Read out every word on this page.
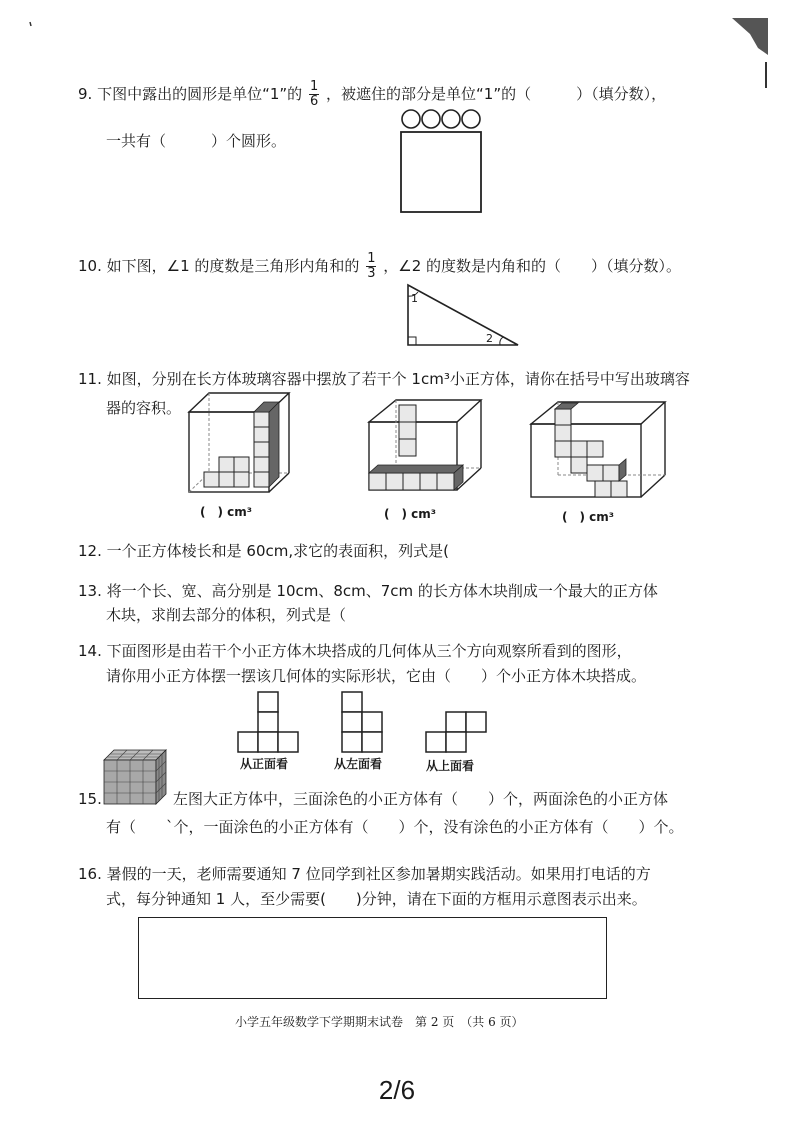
9. 下图中露出的圆形是单位“1”的 $\frac{1}{6}$ ，被遮住的部分是单位“1”的（　　　）（填分数），
一共有（　　　）个圆形。
10. 如下图，∠1 的度数是三角形内角和的 $\frac{1}{3}$ ，∠2 的度数是内角和的（　　）（填分数）。
1
2
11. 如图，分别在长方体玻璃容器中摆放了若干个 1cm³小正方体，请你在括号中写出玻璃容
器的容积。
(　) cm³	(　) cm³	(　) cm³
12. 一个正方体棱长和是 60cm,求它的表面积，列式是(
13. 将一个长、宽、高分别是 10cm、8cm、7cm 的长方体木块削成一个最大的正方体
木块，求削去部分的体积，列式是（
14. 下面图形是由若干个小正方体木块搭成的几何体从三个方向观察所看到的图形，
请你用小正方体摆一摆该几何体的实际形状，它由（　　）个小正方体木块搭成。
从正面看	从左面看	从上面看
15.	左图大正方体中，三面涂色的小正方体有（　　）个，两面涂色的小正方体
有（　　`个，一面涂色的小正方体有（　　）个，没有涂色的小正方体有（　　）个。
16. 暑假的一天，老师需要通知 7 位同学到社区参加暑期实践活动。如果用打电话的方
式，每分钟通知 1 人，至少需要(　　)分钟，请在下面的方框用示意图表示出来。
小学五年级数学下学期期末试卷　第 2 页　（共 6 页）
2/6
